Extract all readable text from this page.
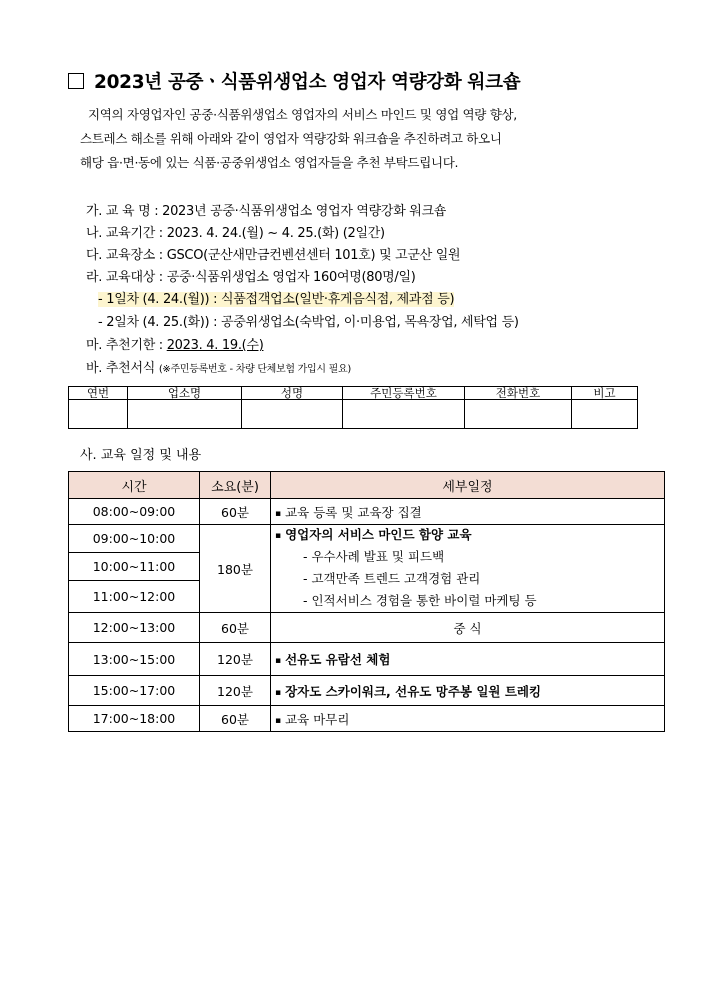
2023년 공중ㆍ식품위생업소 영업자 역량강화 워크숍

지역의 자영업자인 공중·식품위생업소 영업자의 서비스 마인드 및 영업 역량 향상,

스트레스 해소를 위해 아래와 같이 영업자 역량강화 워크숍을 추진하려고 하오니

해당 읍·면·동에 있는 식품·공중위생업소 영업자들을 추천 부탁드립니다.

가. 교 육 명 : 2023년 공중·식품위생업소 영업자 역량강화 워크숍
나. 교육기간 : 2023. 4. 24.(월) ~ 4. 25.(화) (2일간)
다. 교육장소 : GSCO(군산새만금컨벤션센터 101호) 및 고군산 일원
라. 교육대상 : 공중·식품위생업소 영업자 160여명(80명/일)
- 1일차 (4. 24.(월)) : 식품접객업소(일반·휴게음식점, 제과점 등)
- 2일차 (4. 25.(화)) : 공중위생업소(숙박업, 이·미용업, 목욕장업, 세탁업 등)
마. 추천기한 : 2023. 4. 19.(수)
바. 추천서식 (※주민등록번호 - 차량 단체보험 가입시 필요)
연번	업소명	성명	주민등록번호	전화번호	비고

사. 교육 일정 및 내용
시간	소요(분)	세부일정
08:00~09:00	60분	▪ 교육 등록 및 교육장 집결
09:00~10:00	180분	▪ 영업자의 서비스 마인드 함양 교육
- 우수사례 발표 및 피드백
- 고객만족 트렌드 고객경험 관리
- 인적서비스 경험을 통한 바이럴 마케팅 등

10:00~11:00		
11:00~12:00		
12:00~13:00	60분	중 식
13:00~15:00	120분	▪ 선유도 유람선 체험
15:00~17:00	120분	▪ 장자도 스카이워크, 선유도 망주봉 일원 트레킹
17:00~18:00	60분	▪ 교육 마무리
